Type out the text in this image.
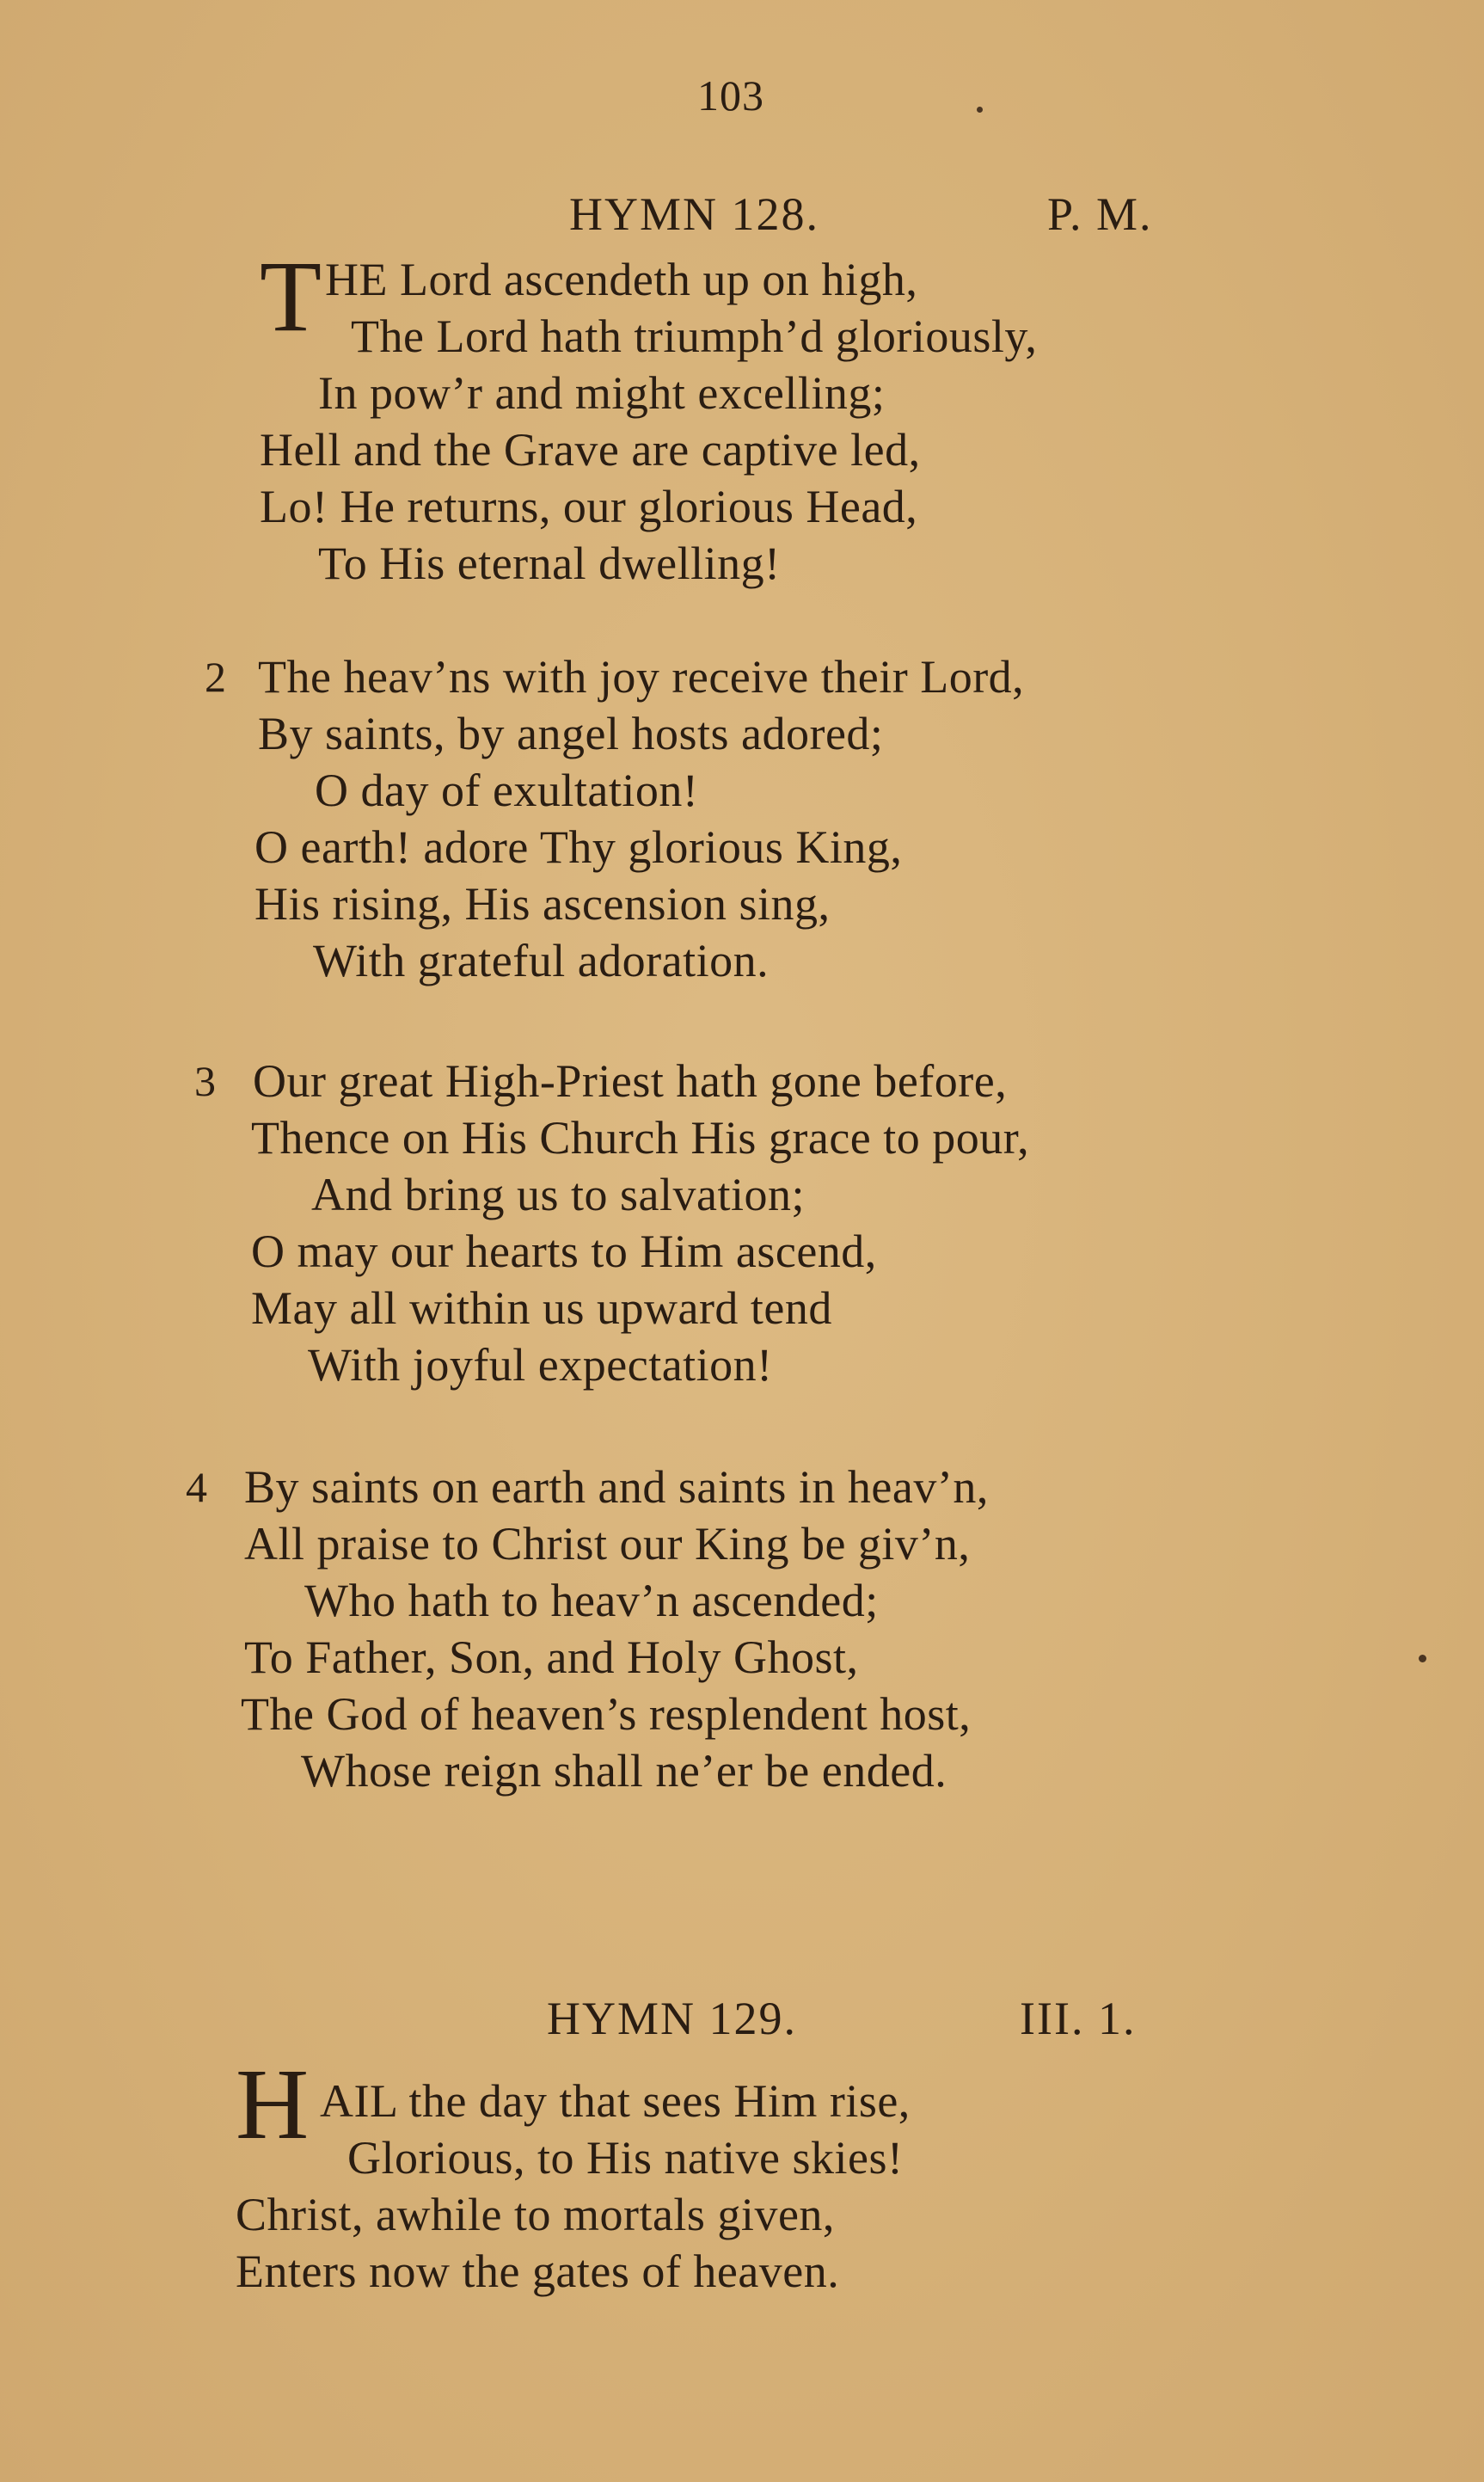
103
HYMN 128.	P. M.
T HE Lord ascendeth up on high,
The Lord hath triumph’d gloriously,
In pow’r and might excelling;
Hell and the Grave are captive led,
Lo! He returns, our glorious Head,
To His eternal dwelling!
2 The heav’ns with joy receive their Lord,
By saints, by angel hosts adored;
O day of exultation!
O earth! adore Thy glorious King,
His rising, His ascension sing,
With grateful adoration.
3 Our great High-Priest hath gone before,
Thence on His Church His grace to pour,
And bring us to salvation;
O may our hearts to Him ascend,
May all within us upward tend
With joyful expectation!
4 By saints on earth and saints in heav’n,
All praise to Christ our King be giv’n,
Who hath to heav’n ascended;
To Father, Son, and Holy Ghost,
The God of heaven’s resplendent host,
Whose reign shall ne’er be ended.
HYMN 129.	III. 1.
H AIL the day that sees Him rise,
Glorious, to His native skies!
Christ, awhile to mortals given,
Enters now the gates of heaven.
